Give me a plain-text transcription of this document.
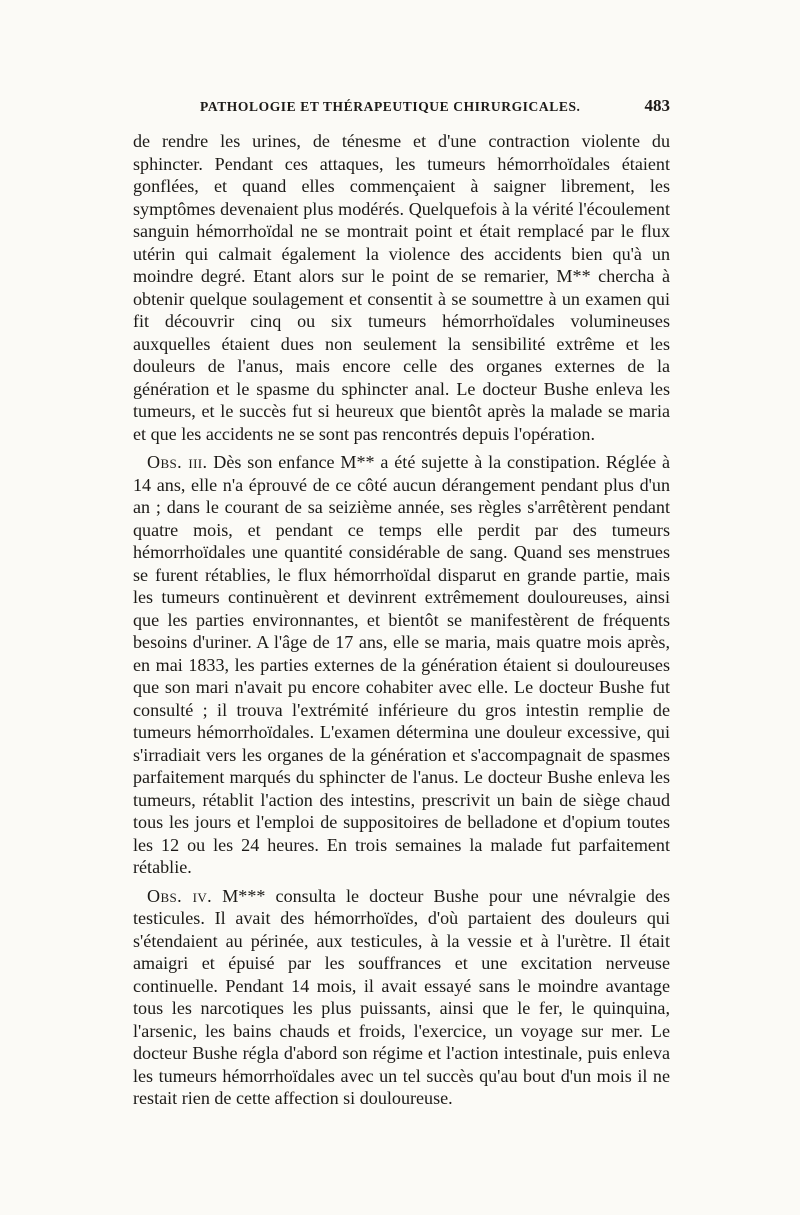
PATHOLOGIE ET THÉRAPEUTIQUE CHIRURGICALES.	483

de rendre les urines, de ténesme et d'une contraction violente du sphincter. Pendant ces attaques, les tumeurs hémorrhoïdales étaient gonflées, et quand elles commençaient à saigner librement, les symptômes devenaient plus modérés. Quelquefois à la vérité l'écoulement sanguin hémorrhoïdal ne se montrait point et était remplacé par le flux utérin qui calmait également la violence des accidents bien qu'à un moindre degré. Etant alors sur le point de se remarier, M** chercha à obtenir quelque soulagement et consentit à se soumettre à un examen qui fit découvrir cinq ou six tumeurs hémorrhoïdales volumineuses auxquelles étaient dues non seulement la sensibilité extrême et les douleurs de l'anus, mais encore celle des organes externes de la génération et le spasme du sphincter anal. Le docteur Bushe enleva les tumeurs, et le succès fut si heureux que bientôt après la malade se maria et que les accidents ne se sont pas rencontrés depuis l'opération.

Obs. iii. Dès son enfance M** a été sujette à la constipation. Réglée à 14 ans, elle n'a éprouvé de ce côté aucun dérangement pendant plus d'un an ; dans le courant de sa seizième année, ses règles s'arrêtèrent pendant quatre mois, et pendant ce temps elle perdit par des tumeurs hémorrhoïdales une quantité considérable de sang. Quand ses menstrues se furent rétablies, le flux hémorrhoïdal disparut en grande partie, mais les tumeurs continuèrent et devinrent extrêmement douloureuses, ainsi que les parties environnantes, et bientôt se manifestèrent de fréquents besoins d'uriner. A l'âge de 17 ans, elle se maria, mais quatre mois après, en mai 1833, les parties externes de la génération étaient si douloureuses que son mari n'avait pu encore cohabiter avec elle. Le docteur Bushe fut consulté ; il trouva l'extrémité inférieure du gros intestin remplie de tumeurs hémorrhoïdales. L'examen détermina une douleur excessive, qui s'irradiait vers les organes de la génération et s'accompagnait de spasmes parfaitement marqués du sphincter de l'anus. Le docteur Bushe enleva les tumeurs, rétablit l'action des intestins, prescrivit un bain de siège chaud tous les jours et l'emploi de suppositoires de belladone et d'opium toutes les 12 ou les 24 heures. En trois semaines la malade fut parfaitement rétablie.

Obs. iv. M*** consulta le docteur Bushe pour une névralgie des testicules. Il avait des hémorrhoïdes, d'où partaient des douleurs qui s'étendaient au périnée, aux testicules, à la vessie et à l'urètre. Il était amaigri et épuisé par les souffrances et une excitation nerveuse continuelle. Pendant 14 mois, il avait essayé sans le moindre avantage tous les narcotiques les plus puissants, ainsi que le fer, le quinquina, l'arsenic, les bains chauds et froids, l'exercice, un voyage sur mer. Le docteur Bushe régla d'abord son régime et l'action intestinale, puis enleva les tumeurs hémorrhoïdales avec un tel succès qu'au bout d'un mois il ne restait rien de cette affection si douloureuse.
